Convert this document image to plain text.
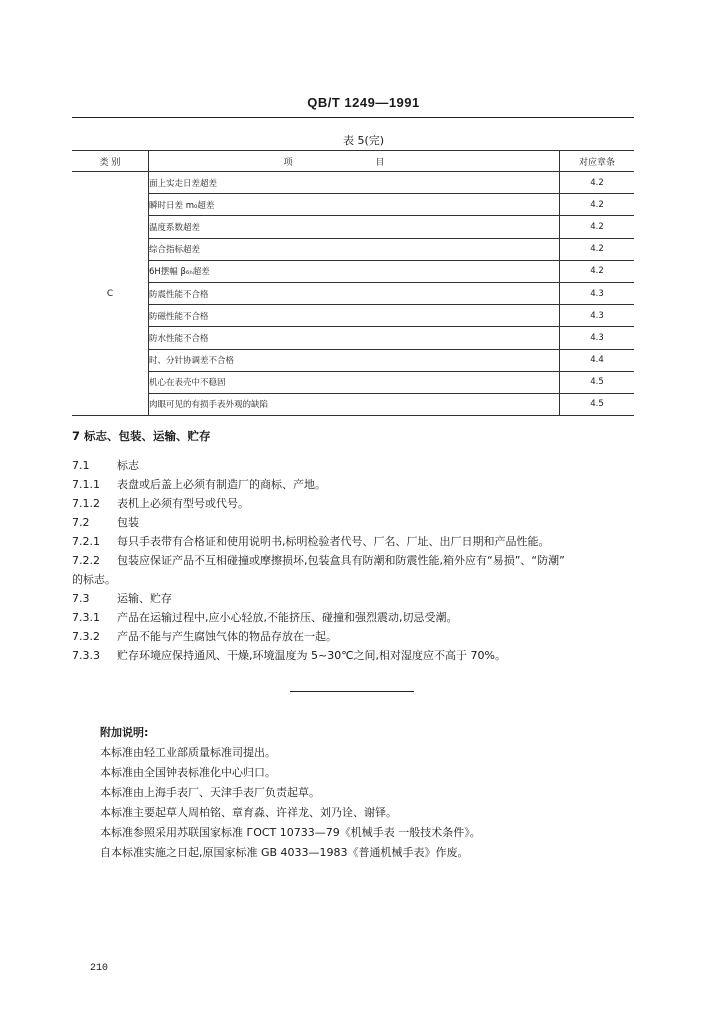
QB/T 1249—1991
表 5(完)
类 别	项 目	对应章条
C	面上实走日差超差	4.2
	瞬时日差 m₀超差	4.2
	温度系数超差	4.2
	综合指标超差	4.2
	6H摆幅 β₆ₕ超差	4.2
	防震性能不合格	4.3
	防磁性能不合格	4.3
	防水性能不合格	4.3
	时、分针协调差不合格	4.4
	机心在表壳中不稳固	4.5
	肉眼可见的有损手表外观的缺陷	4.5
7 标志、包装、运输、贮存
7.1	标志
7.1.1 表盘或后盖上必须有制造厂的商标、产地。
7.1.2 表机上必须有型号或代号。
7.2	包装
7.2.1 每只手表带有合格证和使用说明书,标明检验者代号、厂名、厂址、出厂日期和产品性能。
7.2.2 包装应保证产品不互相碰撞或摩擦损坏,包装盒具有防潮和防震性能,箱外应有“易损”、“防潮”
的标志。
7.3	运输、贮存
7.3.1 产品在运输过程中,应小心轻放,不能挤压、碰撞和强烈震动,切忌受潮。
7.3.2 产品不能与产生腐蚀气体的物品存放在一起。
7.3.3 贮存环境应保持通风、干燥,环境温度为 5~30℃之间,相对湿度应不高于 70%。
附加说明:
本标准由轻工业部质量标准司提出。
本标准由全国钟表标准化中心归口。
本标准由上海手表厂、天津手表厂负责起草。
本标准主要起草人周柏铭、章育淼、许祥龙、刘乃诠、谢铎。
本标准参照采用苏联国家标准 ГОСТ 10733—79《机械手表 一般技术条件》。
自本标准实施之日起,原国家标准 GB 4033—1983《普通机械手表》作废。
210
